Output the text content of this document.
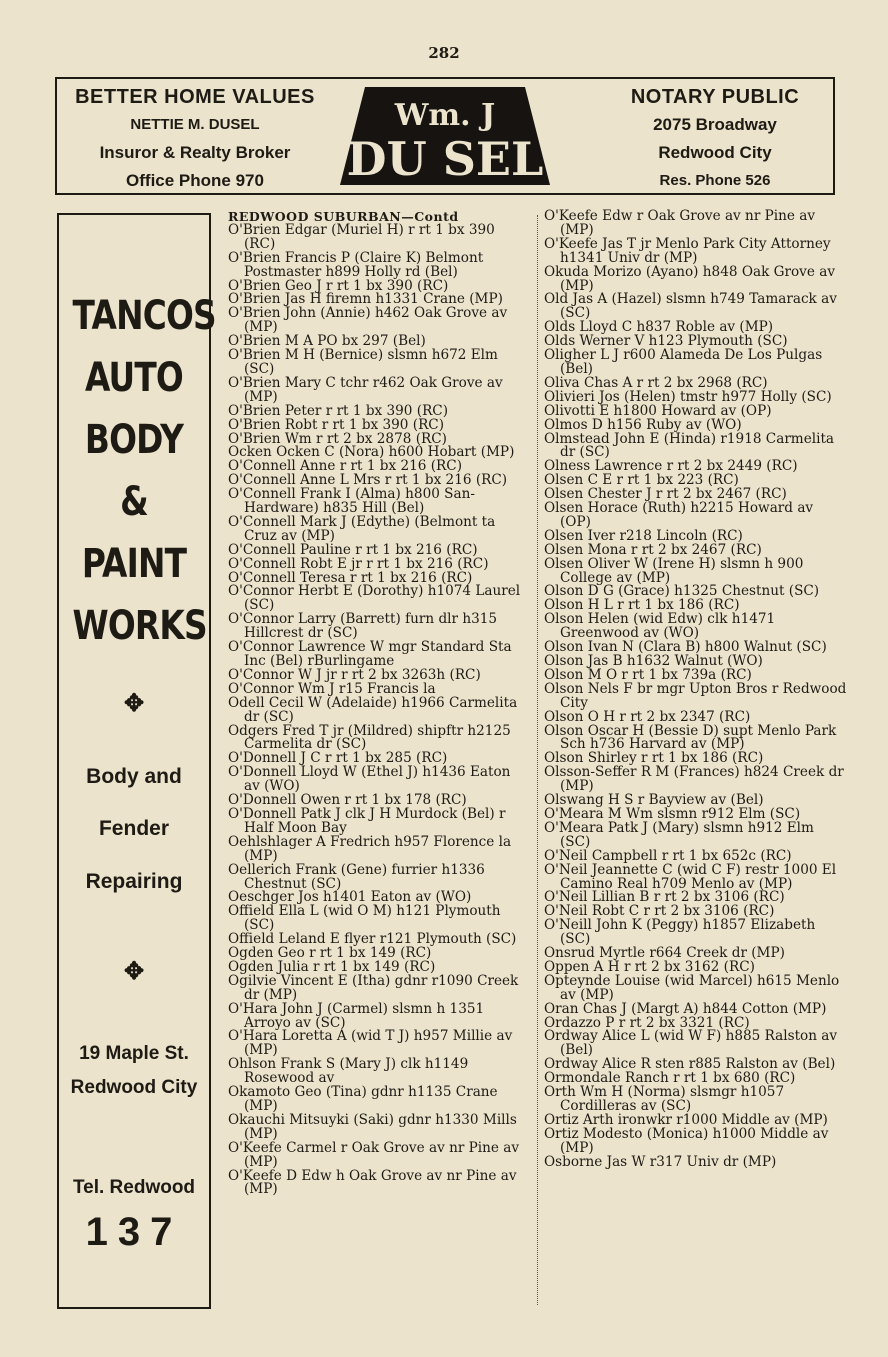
282
BETTER HOME VALUES
NETTIE M. DUSEL
Insuror & Realty Broker
Office Phone 970
Wm. J
DU SEL
NOTARY PUBLIC
2075 Broadway
Redwood City
Res. Phone 526
TANCOS
AUTO
BODY
&
PAINT
WORKS
✥
Body and
Fender
Repairing
✥
19 Maple St.
Redwood City
Tel. Redwood
137
REDWOOD SUBURBAN—Contd
O'Brien Edgar (Muriel H) r rt 1 bx 390 (RC)
O'Brien Francis P (Claire K) Belmont Postmaster h899 Holly rd (Bel)
O'Brien Geo J r rt 1 bx 390 (RC)
O'Brien Jas H firemn h1331 Crane (MP)
O'Brien John (Annie) h462 Oak Grove av (MP)
O'Brien M A PO bx 297 (Bel)
O'Brien M H (Bernice) slsmn h672 Elm (SC)
O'Brien Mary C tchr r462 Oak Grove av (MP)
O'Brien Peter r rt 1 bx 390 (RC)
O'Brien Robt r rt 1 bx 390 (RC)
O'Brien Wm r rt 2 bx 2878 (RC)
Ocken Ocken C (Nora) h600 Hobart (MP)
O'Connell Anne r rt 1 bx 216 (RC)
O'Connell Anne L Mrs r rt 1 bx 216 (RC)
O'Connell Frank I (Alma) h800 San-Hardware) h835 Hill (Bel)
O'Connell Mark J (Edythe) (Belmont ta Cruz av (MP)
O'Connell Pauline r rt 1 bx 216 (RC)
O'Connell Robt E jr r rt 1 bx 216 (RC)
O'Connell Teresa r rt 1 bx 216 (RC)
O'Connor Herbt E (Dorothy) h1074 Laurel (SC)
O'Connor Larry (Barrett) furn dlr h315 Hillcrest dr (SC)
O'Connor Lawrence W mgr Standard Sta Inc (Bel) rBurlingame
O'Connor W J jr r rt 2 bx 3263h (RC)
O'Connor Wm J r15 Francis la
Odell Cecil W (Adelaide) h1966 Carmelita dr (SC)
Odgers Fred T jr (Mildred) shipftr h2125 Carmelita dr (SC)
O'Donnell J C r rt 1 bx 285 (RC)
O'Donnell Lloyd W (Ethel J) h1436 Eaton av (WO)
O'Donnell Owen r rt 1 bx 178 (RC)
O'Donnell Patk J clk J H Murdock (Bel) r Half Moon Bay
Oehlshlager A Fredrich h957 Florence la (MP)
Oellerich Frank (Gene) furrier h1336 Chestnut (SC)
Oeschger Jos h1401 Eaton av (WO)
Offield Ella L (wid O M) h121 Plymouth (SC)
Offield Leland E flyer r121 Plymouth (SC)
Ogden Geo r rt 1 bx 149 (RC)
Ogden Julia r rt 1 bx 149 (RC)
Ogilvie Vincent E (Itha) gdnr r1090 Creek dr (MP)
O'Hara John J (Carmel) slsmn h 1351 Arroyo av (SC)
O'Hara Loretta A (wid T J) h957 Millie av (MP)
Ohlson Frank S (Mary J) clk h1149 Rosewood av
Okamoto Geo (Tina) gdnr h1135 Crane (MP)
Okauchi Mitsuyki (Saki) gdnr h1330 Mills (MP)
O'Keefe Carmel r Oak Grove av nr Pine av (MP)
O'Keefe D Edw h Oak Grove av nr Pine av (MP)
O'Keefe Edw r Oak Grove av nr Pine av (MP)
O'Keefe Jas T jr Menlo Park City Attorney h1341 Univ dr (MP)
Okuda Morizo (Ayano) h848 Oak Grove av (MP)
Old Jas A (Hazel) slsmn h749 Tamarack av (SC)
Olds Lloyd C h837 Roble av (MP)
Olds Werner V h123 Plymouth (SC)
Oligher L J r600 Alameda De Los Pulgas (Bel)
Oliva Chas A r rt 2 bx 2968 (RC)
Olivieri Jos (Helen) tmstr h977 Holly (SC)
Olivotti E h1800 Howard av (OP)
Olmos D h156 Ruby av (WO)
Olmstead John E (Hinda) r1918 Carmelita dr (SC)
Olness Lawrence r rt 2 bx 2449 (RC)
Olsen C E r rt 1 bx 223 (RC)
Olsen Chester J r rt 2 bx 2467 (RC)
Olsen Horace (Ruth) h2215 Howard av (OP)
Olsen Iver r218 Lincoln (RC)
Olsen Mona r rt 2 bx 2467 (RC)
Olsen Oliver W (Irene H) slsmn h 900 College av (MP)
Olson D G (Grace) h1325 Chestnut (SC)
Olson H L r rt 1 bx 186 (RC)
Olson Helen (wid Edw) clk h1471 Greenwood av (WO)
Olson Ivan N (Clara B) h800 Walnut (SC)
Olson Jas B h1632 Walnut (WO)
Olson M O r rt 1 bx 739a (RC)
Olson Nels F br mgr Upton Bros r Redwood City
Olson O H r rt 2 bx 2347 (RC)
Olson Oscar H (Bessie D) supt Menlo Park Sch h736 Harvard av (MP)
Olson Shirley r rt 1 bx 186 (RC)
Olsson-Seffer R M (Frances) h824 Creek dr (MP)
Olswang H S r Bayview av (Bel)
O'Meara M Wm slsmn r912 Elm (SC)
O'Meara Patk J (Mary) slsmn h912 Elm (SC)
O'Neil Campbell r rt 1 bx 652c (RC)
O'Neil Jeannette C (wid C F) restr 1000 El Camino Real h709 Menlo av (MP)
O'Neil Lillian B r rt 2 bx 3106 (RC)
O'Neil Robt C r rt 2 bx 3106 (RC)
O'Neill John K (Peggy) h1857 Elizabeth (SC)
Onsrud Myrtle r664 Creek dr (MP)
Oppen A H r rt 2 bx 3162 (RC)
Opteynde Louise (wid Marcel) h615 Menlo av (MP)
Oran Chas J (Margt A) h844 Cotton (MP)
Ordazzo P r rt 2 bx 3321 (RC)
Ordway Alice L (wid W F) h885 Ralston av (Bel)
Ordway Alice R sten r885 Ralston av (Bel)
Ormondale Ranch r rt 1 bx 680 (RC)
Orth Wm H (Norma) slsmgr h1057 Cordilleras av (SC)
Ortiz Arth ironwkr r1000 Middle av (MP)
Ortiz Modesto (Monica) h1000 Middle av (MP)
Osborne Jas W r317 Univ dr (MP)
